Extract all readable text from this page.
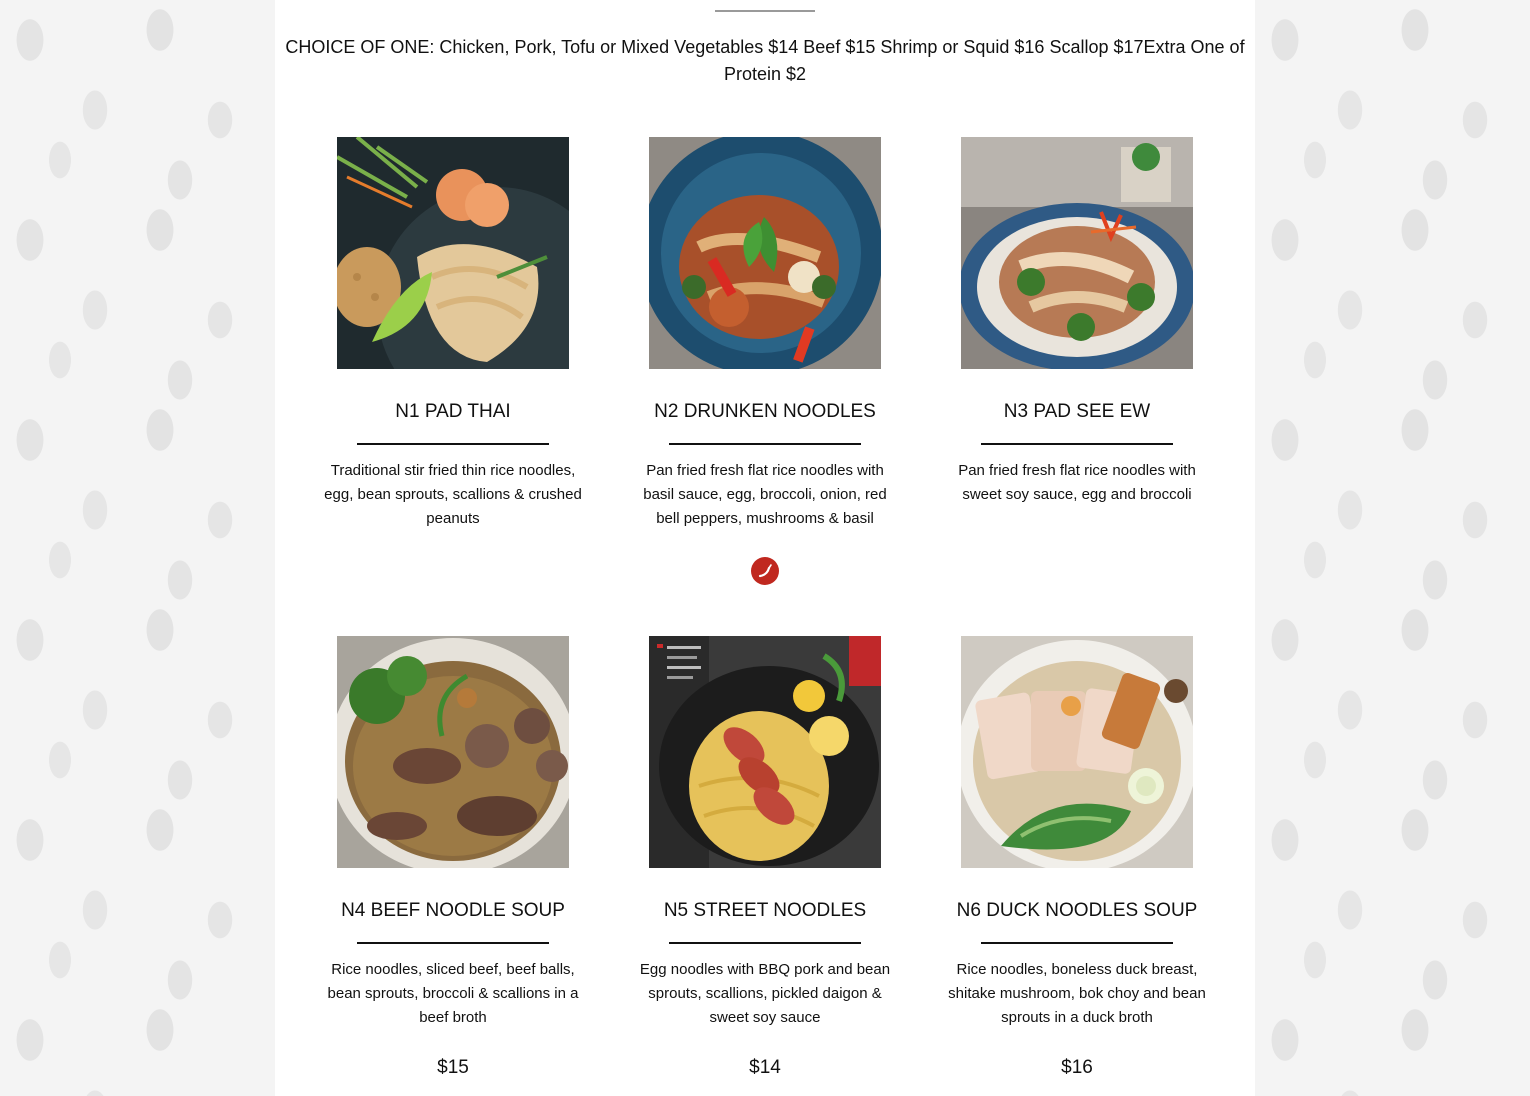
CHOICE OF ONE: Chicken, Pork, Tofu or Mixed Vegetables $14 Beef $15 Shrimp or Squid $16 Scallop $17Extra One of Protein $2
N1 PAD THAI
Traditional stir fried thin rice noodles, egg, bean sprouts, scallions & crushed peanuts
N2 DRUNKEN NOODLES
Pan fried fresh flat rice noodles with basil sauce, egg, broccoli, onion, red bell peppers, mushrooms & basil
N3 PAD SEE EW
Pan fried fresh flat rice noodles with sweet soy sauce, egg and broccoli
N4 BEEF NOODLE SOUP
Rice noodles, sliced beef, beef balls, bean sprouts, broccoli & scallions in a beef broth
$15
N5 STREET NOODLES
Egg noodles with BBQ pork and bean sprouts, scallions, pickled daigon & sweet soy sauce
$14
N6 DUCK NOODLES SOUP
Rice noodles, boneless duck breast, shitake mushroom, bok choy and bean sprouts in a duck broth
$16
